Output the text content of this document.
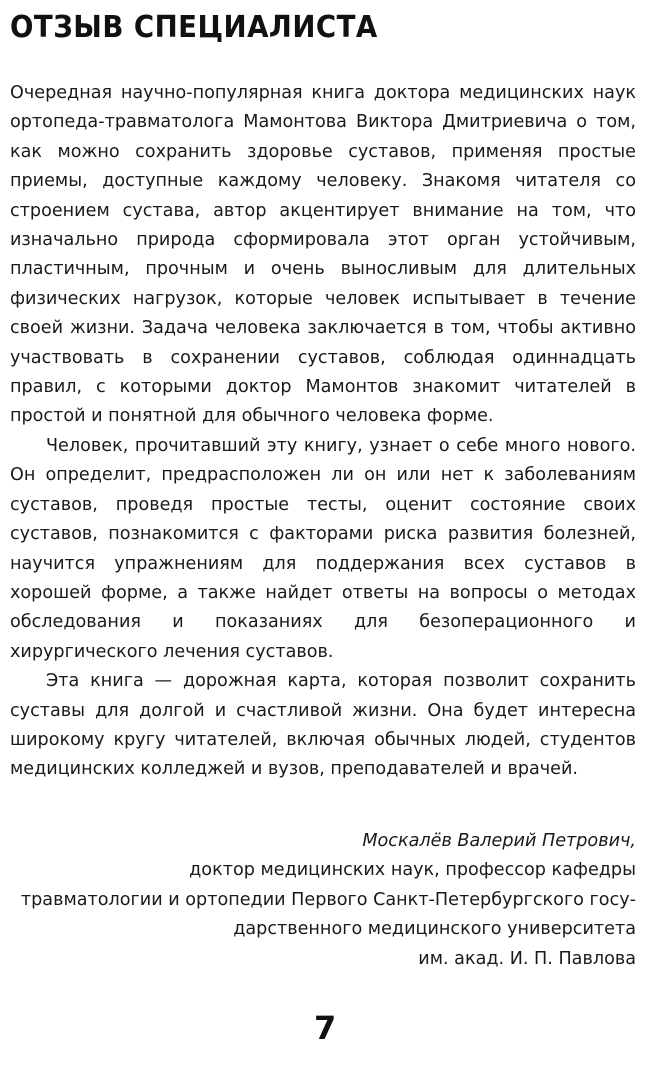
ОТЗЫВ СПЕЦИАЛИСТА

Очередная научно-популярная книга доктора медицинских наук ортопеда-травматолога Мамонтова Виктора Дмитриевича о том, как можно сохранить здоровье суставов, применяя простые приемы, доступные каждому человеку. Знакомя читателя со строением сустава, автор акцентирует внимание на том, что изначально природа сформировала этот орган устойчивым, пластичным, прочным и очень выносливым для длительных физических нагрузок, которые человек испытывает в течение своей жизни. Задача человека заключается в том, чтобы активно участвовать в сохранении суставов, соблюдая одиннадцать правил, с которыми доктор Мамонтов знакомит читателей в простой и понятной для обычного человека форме.

Человек, прочитавший эту книгу, узнает о себе много нового. Он определит, предрасположен ли он или нет к заболеваниям суставов, проведя простые тесты, оценит состояние своих суставов, познакомится с факторами риска развития болезней, научится упражнениям для поддержания всех суставов в хорошей форме, а также найдет ответы на вопросы о методах обследования и показаниях для безоперационного и хирургического лечения суставов.

Эта книга — дорожная карта, которая позволит сохранить суставы для долгой и счастливой жизни. Она будет интересна широкому кругу читателей, включая обычных людей, студентов медицинских колледжей и вузов, преподавателей и врачей.

Москалёв Валерий Петрович,
доктор медицинских наук, профессор кафедры
травматологии и ортопедии Первого Санкт-Петербургского госу-
дарственного медицинского университета
им. акад. И. П. Павлова
7
